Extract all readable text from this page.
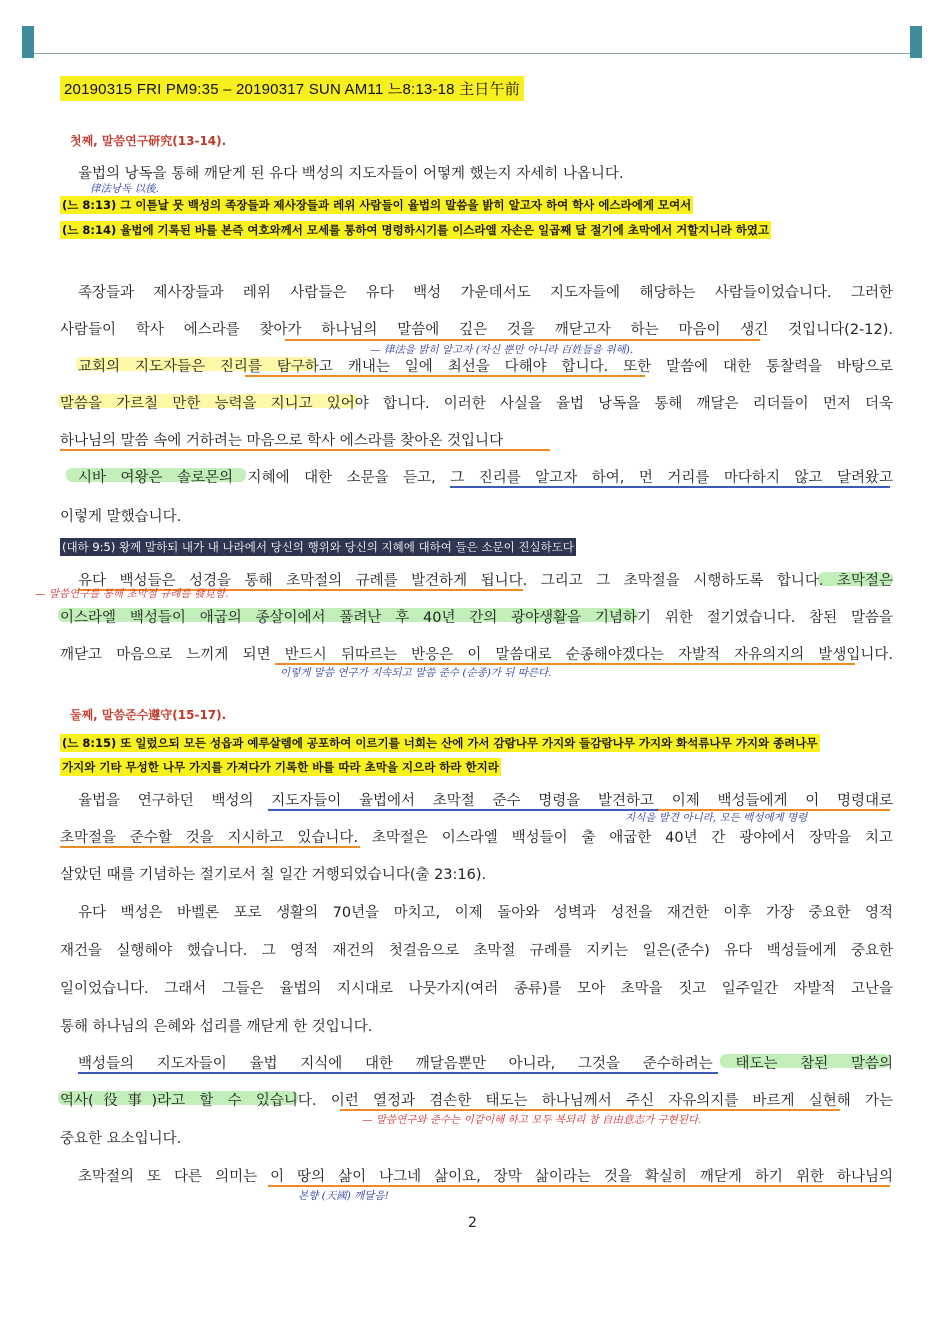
20190315 FRI PM9:35 – 20190317 SUN AM11 느8:13-18 主日午前
첫째, 말씀연구研究(13-14).
율법의 낭독을 통해 깨닫게 된 유다 백성의 지도자들이 어떻게 했는지 자세히 나옵니다.
律法낭독 以後.
(느 8:13) 그 이튿날 뭇 백성의 족장들과 제사장들과 레위 사람들이 율법의 말씀을 밝히 알고자 하여 학사 에스라에게 모여서
(느 8:14) 율법에 기록된 바를 본즉 여호와께서 모세를 통하여 명령하시기를 이스라엘 자손은 일곱째 달 절기에 초막에서 거할지니라 하였고
족장들과 제사장들과 레위 사람들은 유다 백성 가운데서도 지도자들에 해당하는 사람들이었습니다. 그러한
사람들이 학사 에스라를 찾아가 하나님의 말씀에 깊은 것을 깨닫고자 하는 마음이 생긴 것입니다(2-12).
— 律法을 밝히 알고자 (자신 뿐만 아니라 百姓들을 위해).
교회의 지도자들은 진리를 탐구하고 캐내는 일에 최선을 다해야 합니다. 또한 말씀에 대한 통찰력을 바탕으로
말씀을 가르칠 만한 능력을 지니고 있어야 합니다. 이러한 사실을 율법 낭독을 통해 깨달은 리더들이 먼저 더욱
하나님의 말씀 속에 거하려는 마음으로 학사 에스라를 찾아온 것입니다
시바 여왕은 솔로몬의 지혜에 대한 소문을 듣고, 그 진리를 알고자 하여, 먼 거리를 마다하지 않고 달려왔고
이렇게 말했습니다.
(대하 9:5) 왕께 말하되 내가 내 나라에서 당신의 행위와 당신의 지혜에 대하여 들은 소문이 진실하도다
유다 백성들은 성경을 통해 초막절의 규례를 발견하게 됩니다. 그리고 그 초막절을 시행하도록 합니다. 초막절은
— 말씀연구를 통해 초막절 규례를 發見함.
이스라엘 백성들이 애굽의 종살이에서 풀려난 후 40년 간의 광야생활을 기념하기 위한 절기였습니다. 참된 말씀을
깨닫고 마음으로 느끼게 되면 반드시 뒤따르는 반응은 이 말씀대로 순종해야겠다는 자발적 자유의지의 발생입니다.
이렇게 말씀 연구가 지속되고 말씀 준수 (순종)가 뒤 따른다.
둘째, 말씀준수遵守(15-17).
(느 8:15) 또 일렀으되 모든 성읍과 예루살렘에 공포하여 이르기를 너희는 산에 가서 감람나무 가지와 들감람나무 가지와 화석류나무 가지와 종려나무
가지와 기타 무성한 나무 가지를 가져다가 기록한 바를 따라 초막을 지으라 하라 한지라
율법을 연구하던 백성의 지도자들이 율법에서 초막절 준수 명령을 발견하고 이제 백성들에게 이 명령대로
지식을 발견 아니라, 모든 백성에게 명령
초막절을 준수할 것을 지시하고 있습니다. 초막절은 이스라엘 백성들이 출 애굽한 40년 간 광야에서 장막을 치고
살았던 때를 기념하는 절기로서 칠 일간 거행되었습니다(출 23:16).
유다 백성은 바벨론 포로 생활의 70년을 마치고, 이제 돌아와 성벽과 성전을 재건한 이후 가장 중요한 영적
재건을 실행해야 했습니다. 그 영적 재건의 첫걸음으로 초막절 규례를 지키는 일은(준수) 유다 백성들에게 중요한
일이었습니다. 그래서 그들은 율법의 지시대로 나뭇가지(여러 종류)를 모아 초막을 짓고 일주일간 자발적 고난을
통해 하나님의 은혜와 섭리를 깨닫게 한 것입니다.
백성들의 지도자들이 율법 지식에 대한 깨달음뿐만 아니라, 그것을 준수하려는 태도는 참된 말씀의
역사(役事)라고 할 수 있습니다. 이런 열정과 겸손한 태도는 하나님께서 주신 자유의지를 바르게 실현해 가는
— 말씀연구와 준수는 이같이해 하고 모두 복되리 참 自由意志가 구현된다.
중요한 요소입니다.
초막절의 또 다른 의미는 이 땅의 삶이 나그네 삶이요, 장막 삶이라는 것을 확실히 깨닫게 하기 위한 하나님의
본향 (天國) 깨달음!
2
